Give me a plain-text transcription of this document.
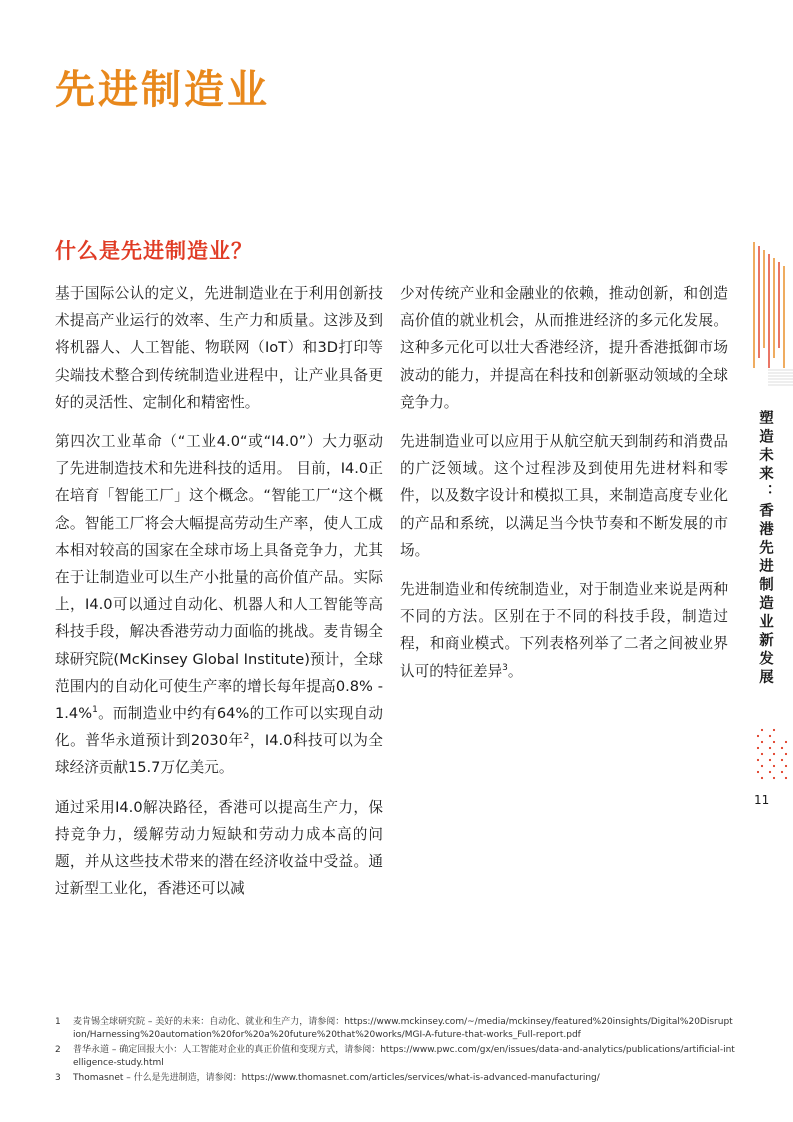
先进制造业
什么是先进制造业？

基于国际公认的定义，先进制造业在于利用创新技术提高产业运行的效率、生产力和质量。这涉及到将机器人、人工智能、物联网（IoT）和3D打印等尖端技术整合到传统制造业进程中，让产业具备更好的灵活性、定制化和精密性。

第四次工业革命（“工业4.0“或“I4.0”）大力驱动了先进制造技术和先进科技的适用。 目前，I4.0正在培育「智能工厂」这个概念。“智能工厂“这个概念。智能工厂将会大幅提高劳动生产率，使人工成本相对较高的国家在全球市场上具备竞争力，尤其在于让制造业可以生产小批量的高价值产品。实际上，I4.0可以通过自动化、机器人和人工智能等高科技手段，解决香港劳动力面临的挑战。麦肯锡全球研究院(McKinsey Global Institute)预计，全球范围内的自动化可使生产率的增长每年提高0.8% - 1.4%$^1$。而制造业中约有64%的工作可以实现自动化。普华永道预计到2030年$^2$，I4.0科技可以为全球经济贡献15.7万亿美元。

通过采用I4.0解决路径，香港可以提高生产力，保持竞争力，缓解劳动力短缺和劳动力成本高的问题，并从这些技术带来的潜在经济收益中受益。通过新型工业化，香港还可以减

少对传统产业和金融业的依赖，推动创新，和创造高价值的就业机会，从而推进经济的多元化发展。这种多元化可以壮大香港经济，提升香港抵御市场波动的能力，并提高在科技和创新驱动领域的全球竞争力。

先进制造业可以应用于从航空航天到制药和消费品的广泛领域。这个过程涉及到使用先进材料和零件，以及数字设计和模拟工具，来制造高度专业化的产品和系统，以满足当今快节奏和不断发展的市场。

先进制造业和传统制造业，对于制造业来说是两种不同的方法。区别在于不同的科技手段，制造过程，和商业模式。下列表格列举了二者之间被业界认可的特征差异$^3$。	塑造未来：香港先进制造业新发展
11
1 麦肯锡全球研究院 – 美好的未来：自动化、就业和生产力，请参阅：https://www.mckinsey.com/~/media/mckinsey/featured%20insights/Digital%20Disruption/Harnessing%20automation%20for%20a%20future%20that%20works/MGI-A-future-that-works_Full-report.pdf
2 普华永道 – 确定回报大小：人工智能对企业的真正价值和变现方式，请参阅：https://www.pwc.com/gx/en/issues/data-and-analytics/publications/artificial-intelligence-study.html
3 Thomasnet – 什么是先进制造，请参阅：https://www.thomasnet.com/articles/services/what-is-advanced-manufacturing/
